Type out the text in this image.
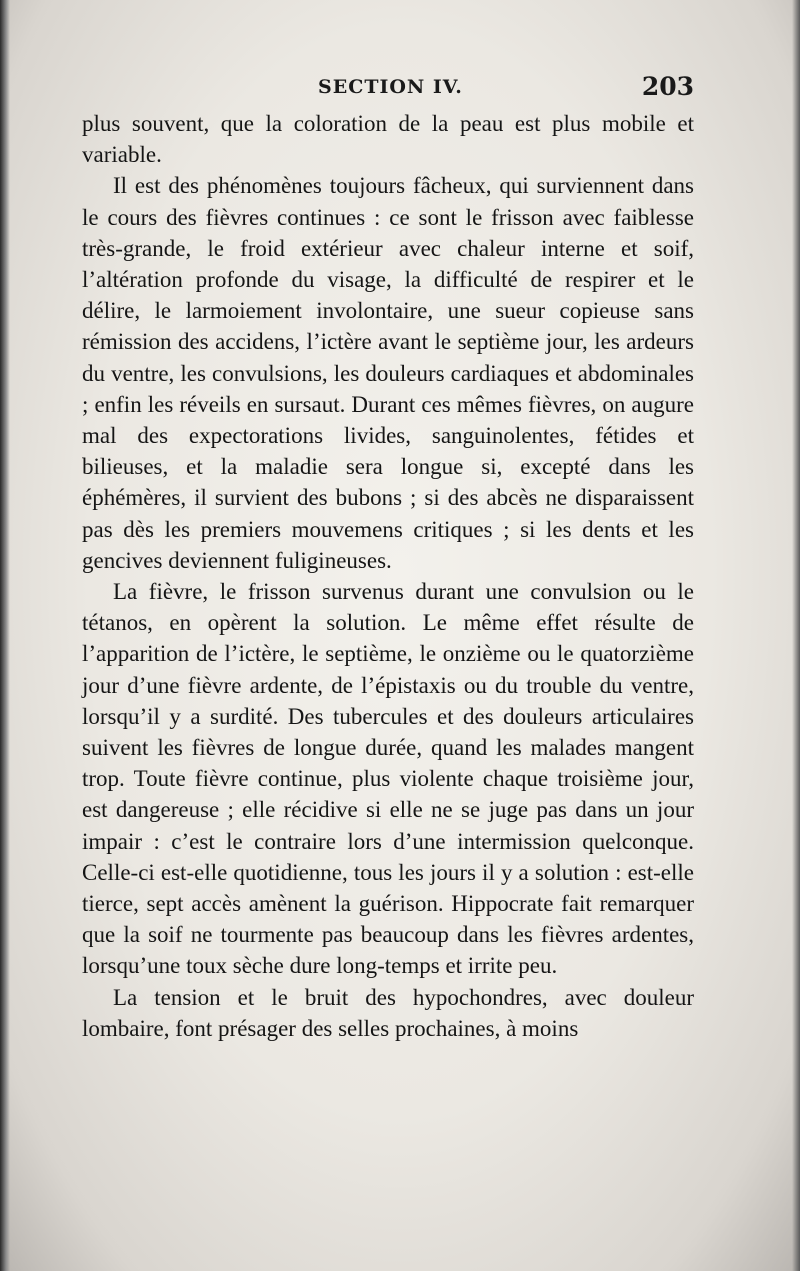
SECTION IV.	203

plus souvent, que la coloration de la peau est plus mobile et variable.

Il est des phénomènes toujours fâcheux, qui surviennent dans le cours des fièvres continues : ce sont le frisson avec faiblesse très-grande, le froid extérieur avec chaleur interne et soif, l’altération profonde du visage, la difficulté de respirer et le délire, le larmoiement involontaire, une sueur copieuse sans rémission des accidens, l’ictère avant le septième jour, les ardeurs du ventre, les convulsions, les douleurs cardiaques et abdominales ; enfin les réveils en sursaut. Durant ces mêmes fièvres, on augure mal des expectorations livides, sanguinolentes, fétides et bilieuses, et la maladie sera longue si, excepté dans les éphémères, il survient des bubons ; si des abcès ne disparaissent pas dès les premiers mouvemens critiques ; si les dents et les gencives deviennent fuligineuses.

La fièvre, le frisson survenus durant une convulsion ou le tétanos, en opèrent la solution. Le même effet résulte de l’apparition de l’ictère, le septième, le onzième ou le quatorzième jour d’une fièvre ardente, de l’épistaxis ou du trouble du ventre, lorsqu’il y a surdité. Des tubercules et des douleurs articulaires suivent les fièvres de longue durée, quand les malades mangent trop. Toute fièvre continue, plus violente chaque troisième jour, est dangereuse ; elle récidive si elle ne se juge pas dans un jour impair : c’est le contraire lors d’une intermission quelconque. Celle-ci est-elle quotidienne, tous les jours il y a solution : est-elle tierce, sept accès amènent la guérison. Hippocrate fait remarquer que la soif ne tourmente pas beaucoup dans les fièvres ardentes, lorsqu’une toux sèche dure long-temps et irrite peu.

La tension et le bruit des hypochondres, avec douleur lombaire, font présager des selles prochaines, à moins
